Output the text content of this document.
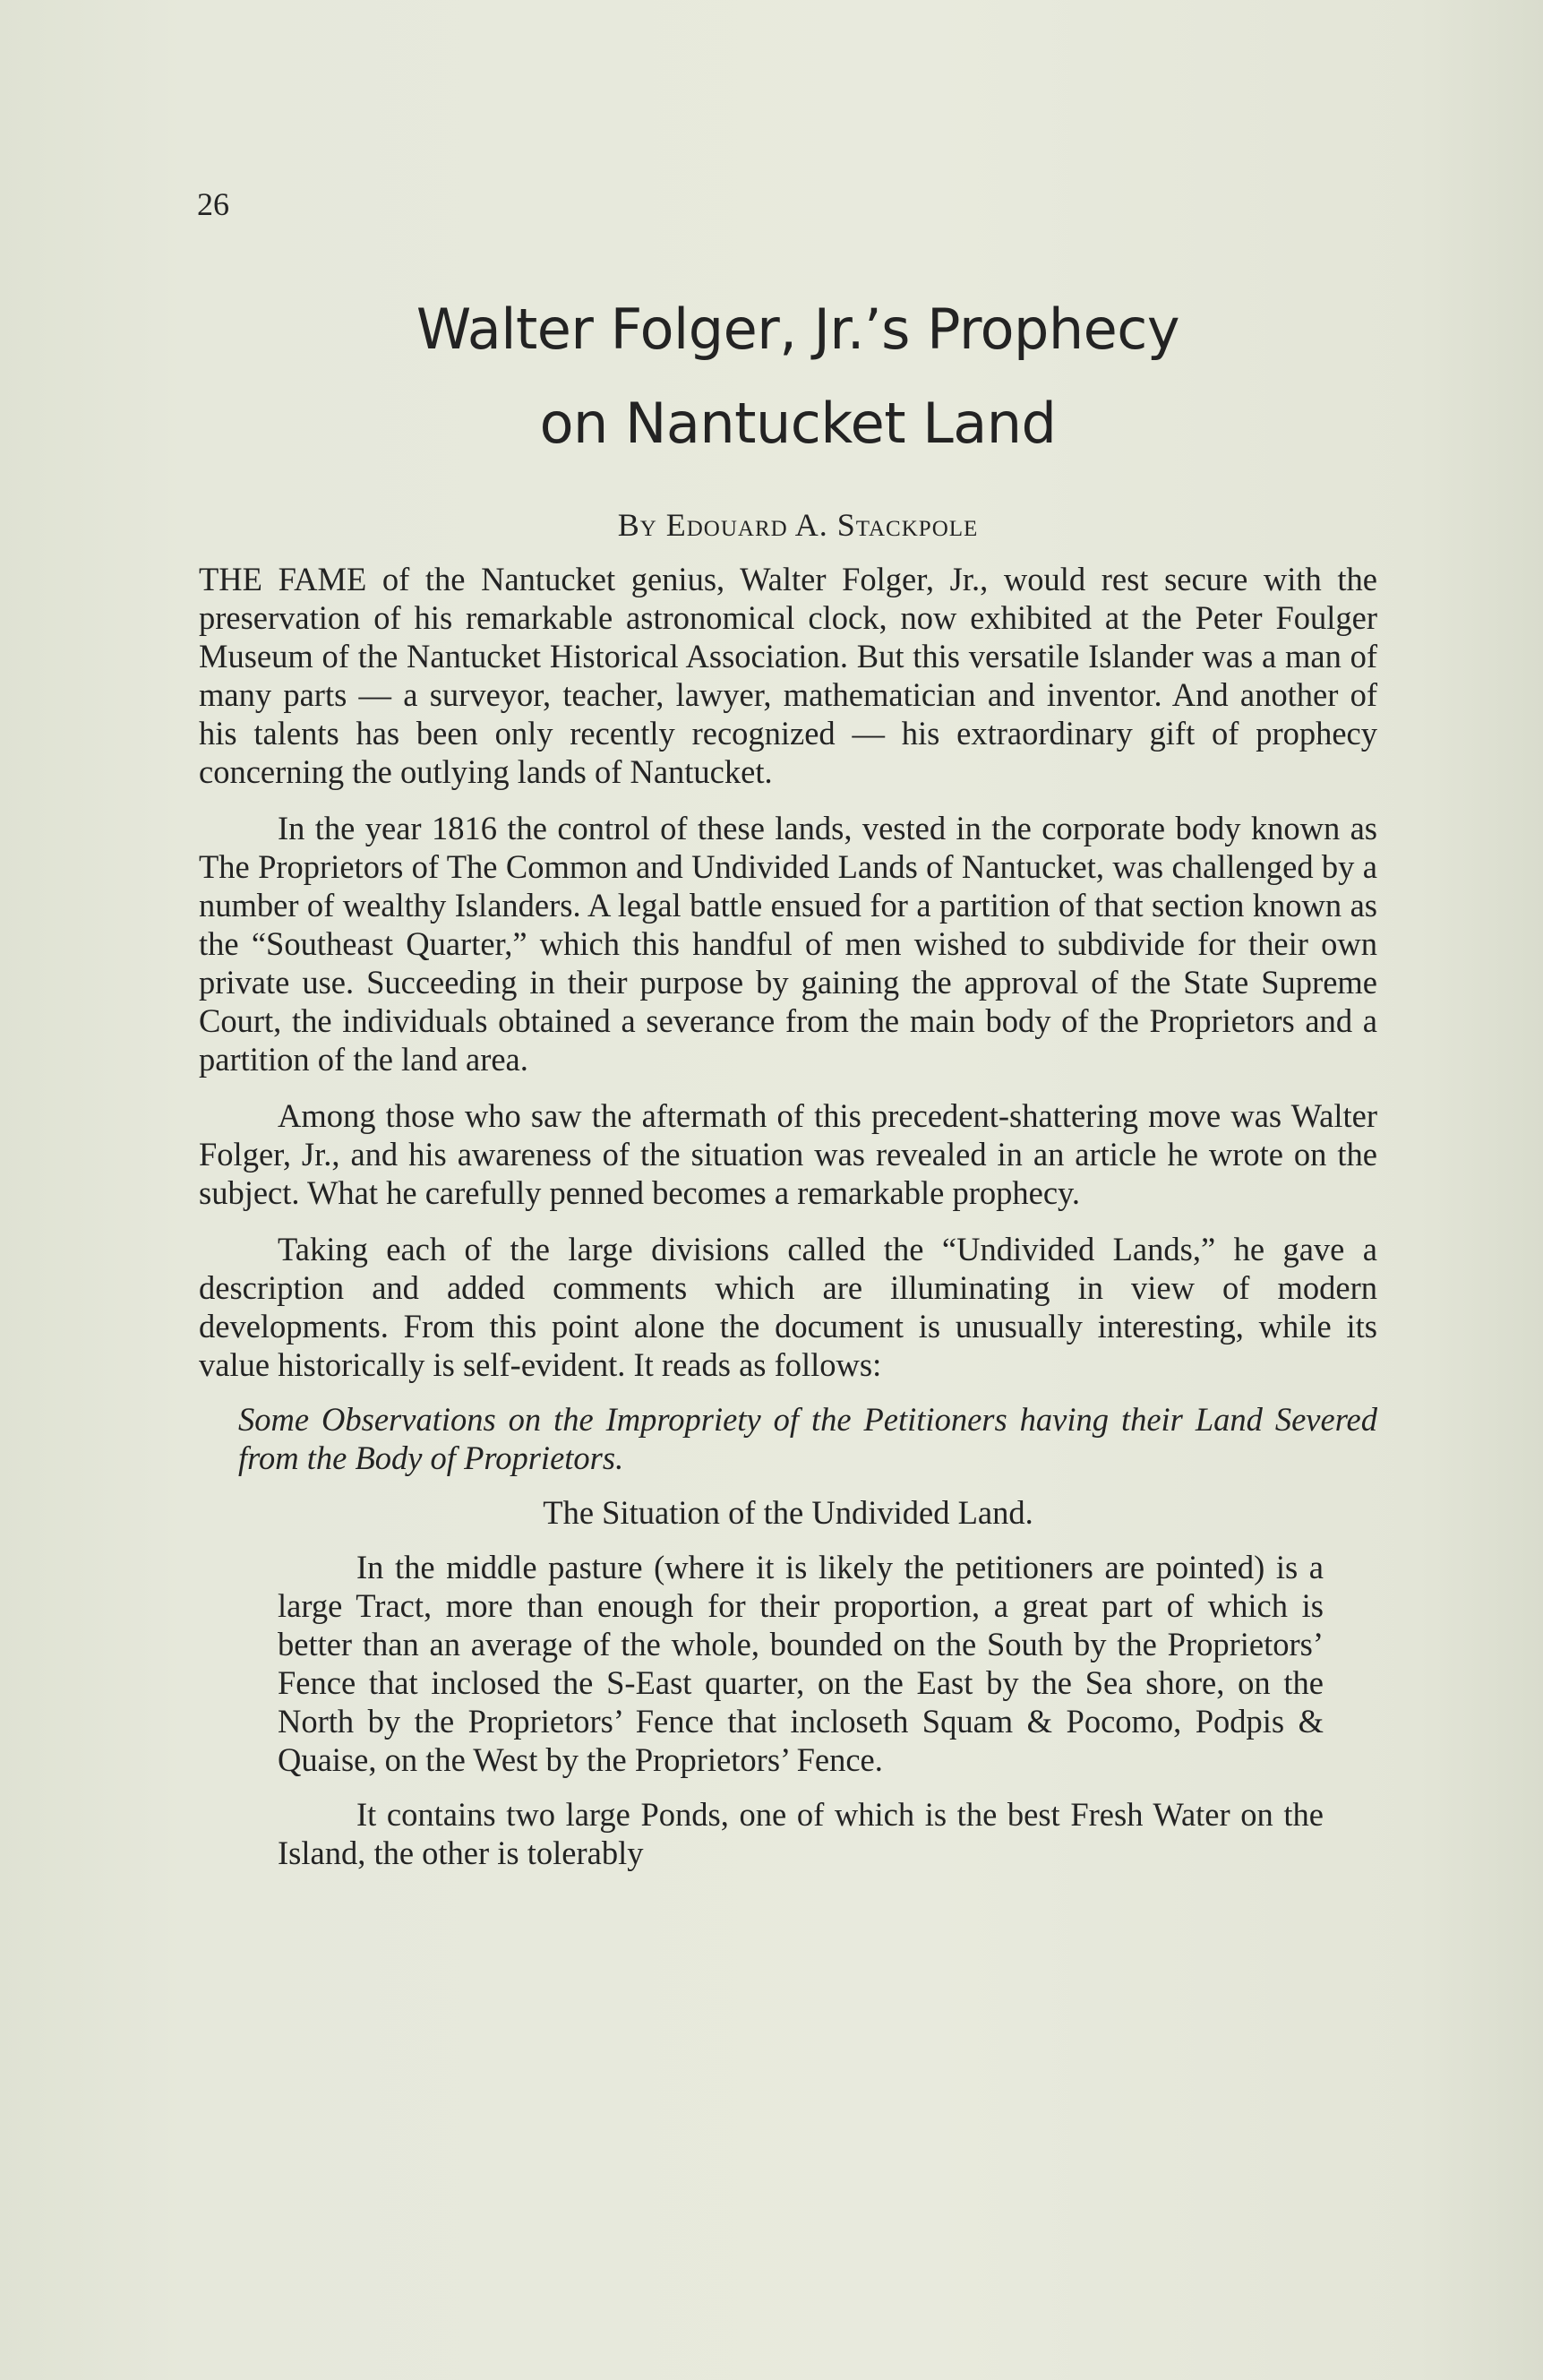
26
Walter Folger, Jr.’s Prophecy
on Nantucket Land
By Edouard A. Stackpole

THE FAME of the Nantucket genius, Walter Folger, Jr., would rest secure with the preservation of his remarkable astronomical clock, now exhibited at the Peter Foulger Museum of the Nantucket Historical Association. But this versatile Islander was a man of many parts — a surveyor, teacher, lawyer, mathematician and inventor. And another of his talents has been only recently recognized — his extraordinary gift of prophecy concerning the outlying lands of Nantucket.

In the year 1816 the control of these lands, vested in the corporate body known as The Proprietors of The Common and Undivided Lands of Nantucket, was challenged by a number of wealthy Islanders. A legal battle ensued for a partition of that section known as the “Southeast Quarter,” which this handful of men wished to subdivide for their own private use. Succeeding in their purpose by gaining the approval of the State Supreme Court, the individuals obtained a severance from the main body of the Proprietors and a partition of the land area.

Among those who saw the aftermath of this precedent-shattering move was Walter Folger, Jr., and his awareness of the situation was revealed in an article he wrote on the subject. What he carefully penned becomes a remarkable prophecy.

Taking each of the large divisions called the “Undivided Lands,” he gave a description and added comments which are illuminating in view of modern developments. From this point alone the document is unusually interesting, while its value historically is self-evident. It reads as follows:

Some Observations on the Impropriety of the Petitioners having their Land Severed from the Body of Proprietors.

The Situation of the Undivided Land.

In the middle pasture (where it is likely the petitioners are pointed) is a large Tract, more than enough for their proportion, a great part of which is better than an average of the whole, bounded on the South by the Proprietors’ Fence that inclosed the S-East quarter, on the East by the Sea shore, on the North by the Proprietors’ Fence that incloseth Squam & Pocomo, Podpis & Quaise, on the West by the Proprietors’ Fence.

It contains two large Ponds, one of which is the best Fresh Water on the Island, the other is tolerably
